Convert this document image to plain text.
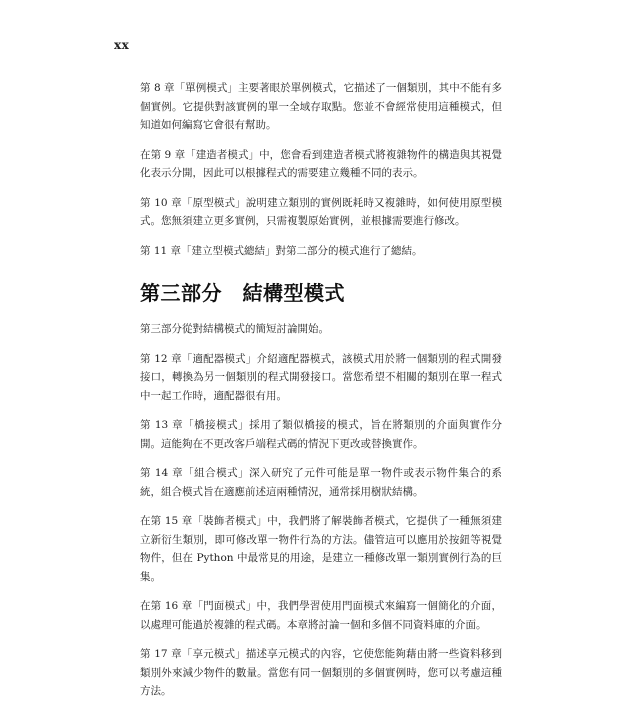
xx

第 8 章「單例模式」主要著眼於單例模式，它描述了一個類別，其中不能有多個實例。它提供對該實例的單一全域存取點。您並不會經常使用這種模式，但知道如何編寫它會很有幫助。

在第 9 章「建造者模式」中，您會看到建造者模式將複雜物件的構造與其視覺化表示分開，因此可以根據程式的需要建立幾種不同的表示。

第 10 章「原型模式」說明建立類別的實例既耗時又複雜時，如何使用原型模式。您無須建立更多實例，只需複製原始實例，並根據需要進行修改。

第 11 章「建立型模式總結」對第二部分的模式進行了總結。

第三部分　結構型模式

第三部分從對結構模式的簡短討論開始。

第 12 章「適配器模式」介紹適配器模式，該模式用於將一個類別的程式開發接口，轉換為另一個類別的程式開發接口。當您希望不相關的類別在單一程式中一起工作時，適配器很有用。

第 13 章「橋接模式」採用了類似橋接的模式，旨在將類別的介面與實作分開。這能夠在不更改客戶端程式碼的情況下更改或替換實作。

第 14 章「組合模式」深入研究了元件可能是單一物件或表示物件集合的系統，組合模式旨在適應前述這兩種情況，通常採用樹狀結構。

在第 15 章「裝飾者模式」中，我們將了解裝飾者模式，它提供了一種無須建立新衍生類別，即可修改單一物件行為的方法。儘管這可以應用於按鈕等視覺物件，但在 Python 中最常見的用途，是建立一種修改單一類別實例行為的巨集。

在第 16 章「門面模式」中，我們學習使用門面模式來編寫一個簡化的介面，以處理可能過於複雜的程式碼。本章將討論一個和多個不同資料庫的介面。

第 17 章「享元模式」描述享元模式的內容，它使您能夠藉由將一些資料移到類別外來減少物件的數量。當您有同一個類別的多個實例時，您可以考慮這種方法。
